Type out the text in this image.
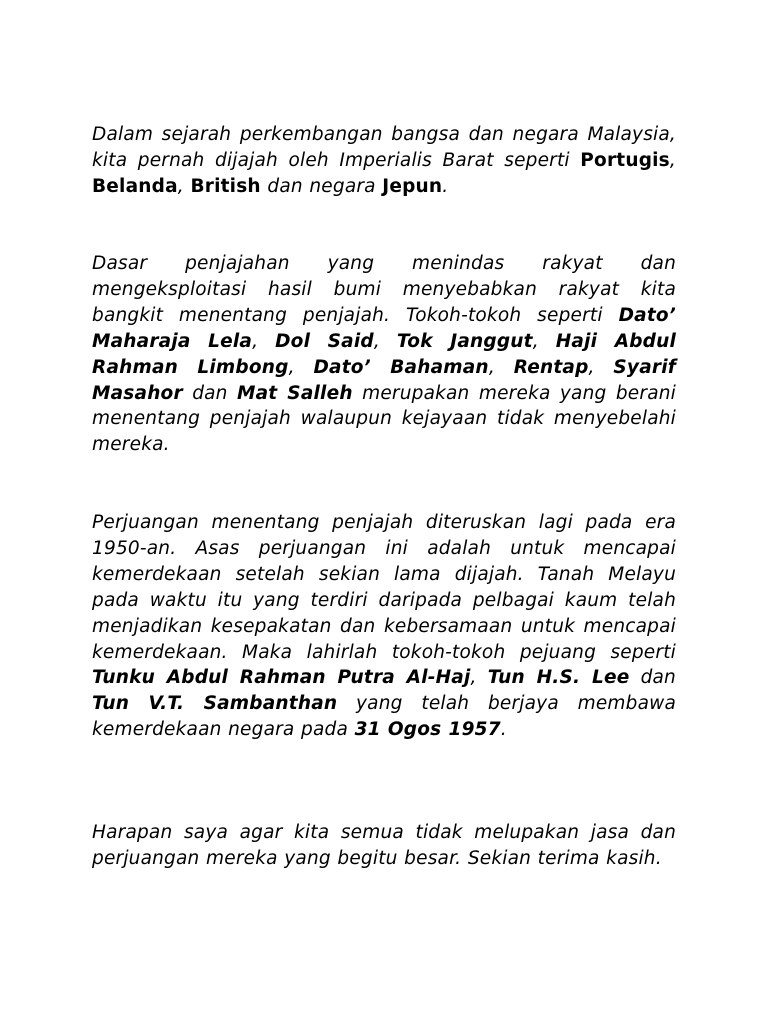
Dalam sejarah perkembangan bangsa dan negara Malaysia, kita pernah dijajah oleh Imperialis Barat seperti Portugis, Belanda, British dan negara Jepun.

Dasar penjajahan yang menindas rakyat dan mengeksploitasi hasil bumi menyebabkan rakyat kita bangkit menentang penjajah. Tokoh-tokoh seperti Dato’ Maharaja Lela, Dol Said, Tok Janggut, Haji Abdul Rahman Limbong, Dato’ Bahaman, Rentap, Syarif Masahor dan Mat Salleh merupakan mereka yang berani menentang penjajah walaupun kejayaan tidak menyebelahi mereka.

Perjuangan menentang penjajah diteruskan lagi pada era 1950-an. Asas perjuangan ini adalah untuk mencapai kemerdekaan setelah sekian lama dijajah. Tanah Melayu pada waktu itu yang terdiri daripada pelbagai kaum telah menjadikan kesepakatan dan kebersamaan untuk mencapai kemerdekaan. Maka lahirlah tokoh-tokoh pejuang seperti Tunku Abdul Rahman Putra Al-Haj, Tun H.S. Lee dan Tun V.T. Sambanthan yang telah berjaya membawa kemerdekaan negara pada 31 Ogos 1957.

Harapan saya agar kita semua tidak melupakan jasa dan perjuangan mereka yang begitu besar. Sekian terima kasih.
